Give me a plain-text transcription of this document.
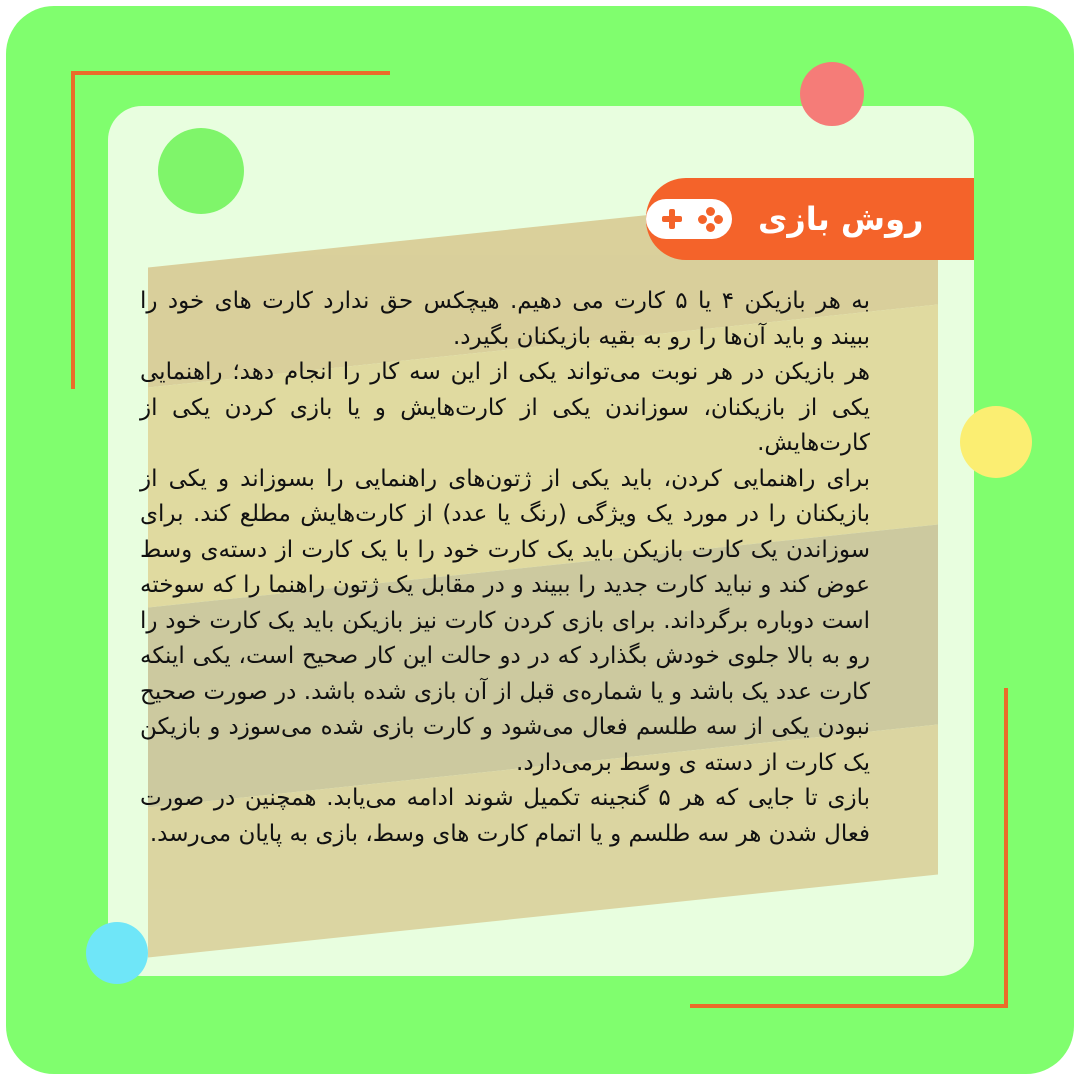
روش بازی

به هر بازیکن ۴ یا ۵ کارت می دهیم. هیچکس حق ندارد کارت های خود را ببیند و باید آن‌ها را رو به بقیه بازیکنان بگیرد.

هر بازیکن در هر نوبت می‌تواند یکی از این سه کار را انجام دهد؛ راهنمایی یکی از بازیکنان، سوزاندن یکی از کارت‌هایش و یا بازی کردن یکی از کارت‌هایش.

برای راهنمایی کردن، باید یکی از ژتون‌های راهنمایی را بسوزاند و یکی از بازیکنان را در مورد یک ویژگی (رنگ یا عدد) از کارت‌هایش مطلع کند. برای سوزاندن یک کارت بازیکن باید یک کارت خود را با یک کارت از دسته‌ی وسط عوض کند و نباید کارت جدید را ببیند و در مقابل یک ژتون راهنما را که سوخته است دوباره برگرداند. برای بازی کردن کارت نیز بازیکن باید یک کارت خود را رو به بالا جلوی خودش بگذارد که در دو حالت این کار صحیح است، یکی اینکه کارت عدد یک باشد و یا شماره‌ی قبل از آن بازی شده باشد. در صورت صحیح نبودن یکی از سه طلسم فعال می‌شود و کارت بازی شده می‌سوزد و بازیکن یک کارت از دسته ی وسط برمی‌دارد.

بازی تا جایی که هر ۵ گنجینه تکمیل شوند ادامه می‌یابد. همچنین در صورت فعال شدن هر سه طلسم و یا اتمام کارت های وسط، بازی به پایان می‌رسد.
